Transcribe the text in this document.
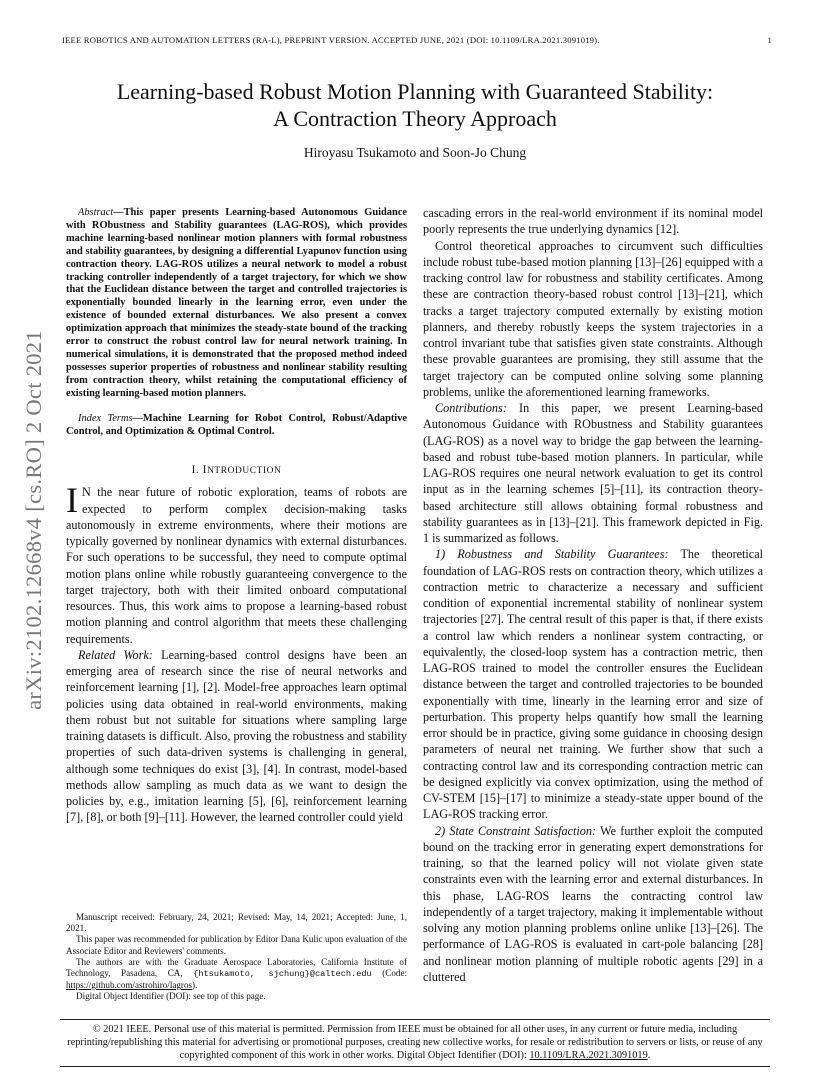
IEEE ROBOTICS AND AUTOMATION LETTERS (RA-L), PREPRINT VERSION. ACCEPTED JUNE, 2021 (DOI: 10.1109/LRA.2021.3091019).	1
arXiv:2102.12668v4 [cs.RO] 2 Oct 2021
Learning-based Robust Motion Planning with Guaranteed Stability:
A Contraction Theory Approach
Hiroyasu Tsukamoto and Soon-Jo Chung

Abstract—This paper presents Learning-based Autonomous Guidance with RObustness and Stability guarantees (LAG-ROS), which provides machine learning-based nonlinear motion planners with formal robustness and stability guarantees, by designing a differential Lyapunov function using contraction theory. LAG-ROS utilizes a neural network to model a robust tracking controller independently of a target trajectory, for which we show that the Euclidean distance between the target and controlled trajectories is exponentially bounded linearly in the learning error, even under the existence of bounded external disturbances. We also present a convex optimization approach that minimizes the steady-state bound of the tracking error to construct the robust control law for neural network training. In numerical simulations, it is demonstrated that the proposed method indeed possesses superior properties of robustness and nonlinear stability resulting from contraction theory, whilst retaining the computational efficiency of existing learning-based motion planners.

Index Terms—Machine Learning for Robot Control, Robust/Adaptive Control, and Optimization & Optimal Control.

I. INTRODUCTION

I N the near future of robotic exploration, teams of robots are expected to perform complex decision-making tasks autonomously in extreme environments, where their motions are typically governed by nonlinear dynamics with external disturbances. For such operations to be successful, they need to compute optimal motion plans online while robustly guaranteeing convergence to the target trajectory, both with their limited onboard computational resources. Thus, this work aims to propose a learning-based robust motion planning and control algorithm that meets these challenging requirements.

Related Work: Learning-based control designs have been an emerging area of research since the rise of neural networks and reinforcement learning [1], [2]. Model-free approaches learn optimal policies using data obtained in real-world environments, making them robust but not suitable for situations where sampling large training datasets is difficult. Also, proving the robustness and stability properties of such data-driven systems is challenging in general, although some techniques do exist [3], [4]. In contrast, model-based methods allow sampling as much data as we want to design the policies by, e.g., imitation learning [5], [6], reinforcement learning [7], [8], or both [9]–[11]. However, the learned controller could yield

Manuscript received: February, 24, 2021; Revised: May, 14, 2021; Accepted: June, 1, 2021.

This paper was recommended for publication by Editor Dana Kulic upon evaluation of the Associate Editor and Reviewers' comments.

The authors are with the Graduate Aerospace Laboratories, California Institute of Technology, Pasadena, CA, {htsukamoto, sjchung}@caltech.edu (Code: https://github.com/astrohiro/lagros).

Digital Object Identifier (DOI): see top of this page.

cascading errors in the real-world environment if its nominal model poorly represents the true underlying dynamics [12].

Control theoretical approaches to circumvent such difficulties include robust tube-based motion planning [13]–[26] equipped with a tracking control law for robustness and stability certificates. Among these are contraction theory-based robust control [13]–[21], which tracks a target trajectory computed externally by existing motion planners, and thereby robustly keeps the system trajectories in a control invariant tube that satisfies given state constraints. Although these provable guarantees are promising, they still assume that the target trajectory can be computed online solving some planning problems, unlike the aforementioned learning frameworks.

Contributions: In this paper, we present Learning-based Autonomous Guidance with RObustness and Stability guarantees (LAG-ROS) as a novel way to bridge the gap between the learning-based and robust tube-based motion planners. In particular, while LAG-ROS requires one neural network evaluation to get its control input as in the learning schemes [5]–[11], its contraction theory-based architecture still allows obtaining formal robustness and stability guarantees as in [13]–[21]. This framework depicted in Fig. 1 is summarized as follows.

1) Robustness and Stability Guarantees: The theoretical foundation of LAG-ROS rests on contraction theory, which utilizes a contraction metric to characterize a necessary and sufficient condition of exponential incremental stability of nonlinear system trajectories [27]. The central result of this paper is that, if there exists a control law which renders a nonlinear system contracting, or equivalently, the closed-loop system has a contraction metric, then LAG-ROS trained to model the controller ensures the Euclidean distance between the target and controlled trajectories to be bounded exponentially with time, linearly in the learning error and size of perturbation. This property helps quantify how small the learning error should be in practice, giving some guidance in choosing design parameters of neural net training. We further show that such a contracting control law and its corresponding contraction metric can be designed explicitly via convex optimization, using the method of CV-STEM [15]–[17] to minimize a steady-state upper bound of the LAG-ROS tracking error.

2) State Constraint Satisfaction: We further exploit the computed bound on the tracking error in generating expert demonstrations for training, so that the learned policy will not violate given state constraints even with the learning error and external disturbances. In this phase, LAG-ROS learns the contracting control law independently of a target trajectory, making it implementable without solving any motion planning problems online unlike [13]–[26]. The performance of LAG-ROS is evaluated in cart-pole balancing [28] and nonlinear motion planning of multiple robotic agents [29] in a cluttered

© 2021 IEEE. Personal use of this material is permitted. Permission from IEEE must be obtained for all other uses, in any current or future media, including reprinting/republishing this material for advertising or promotional purposes, creating new collective works, for resale or redistribution to servers or lists, or reuse of any copyrighted component of this work in other works. Digital Object Identifier (DOI): 10.1109/LRA.2021.3091019.
